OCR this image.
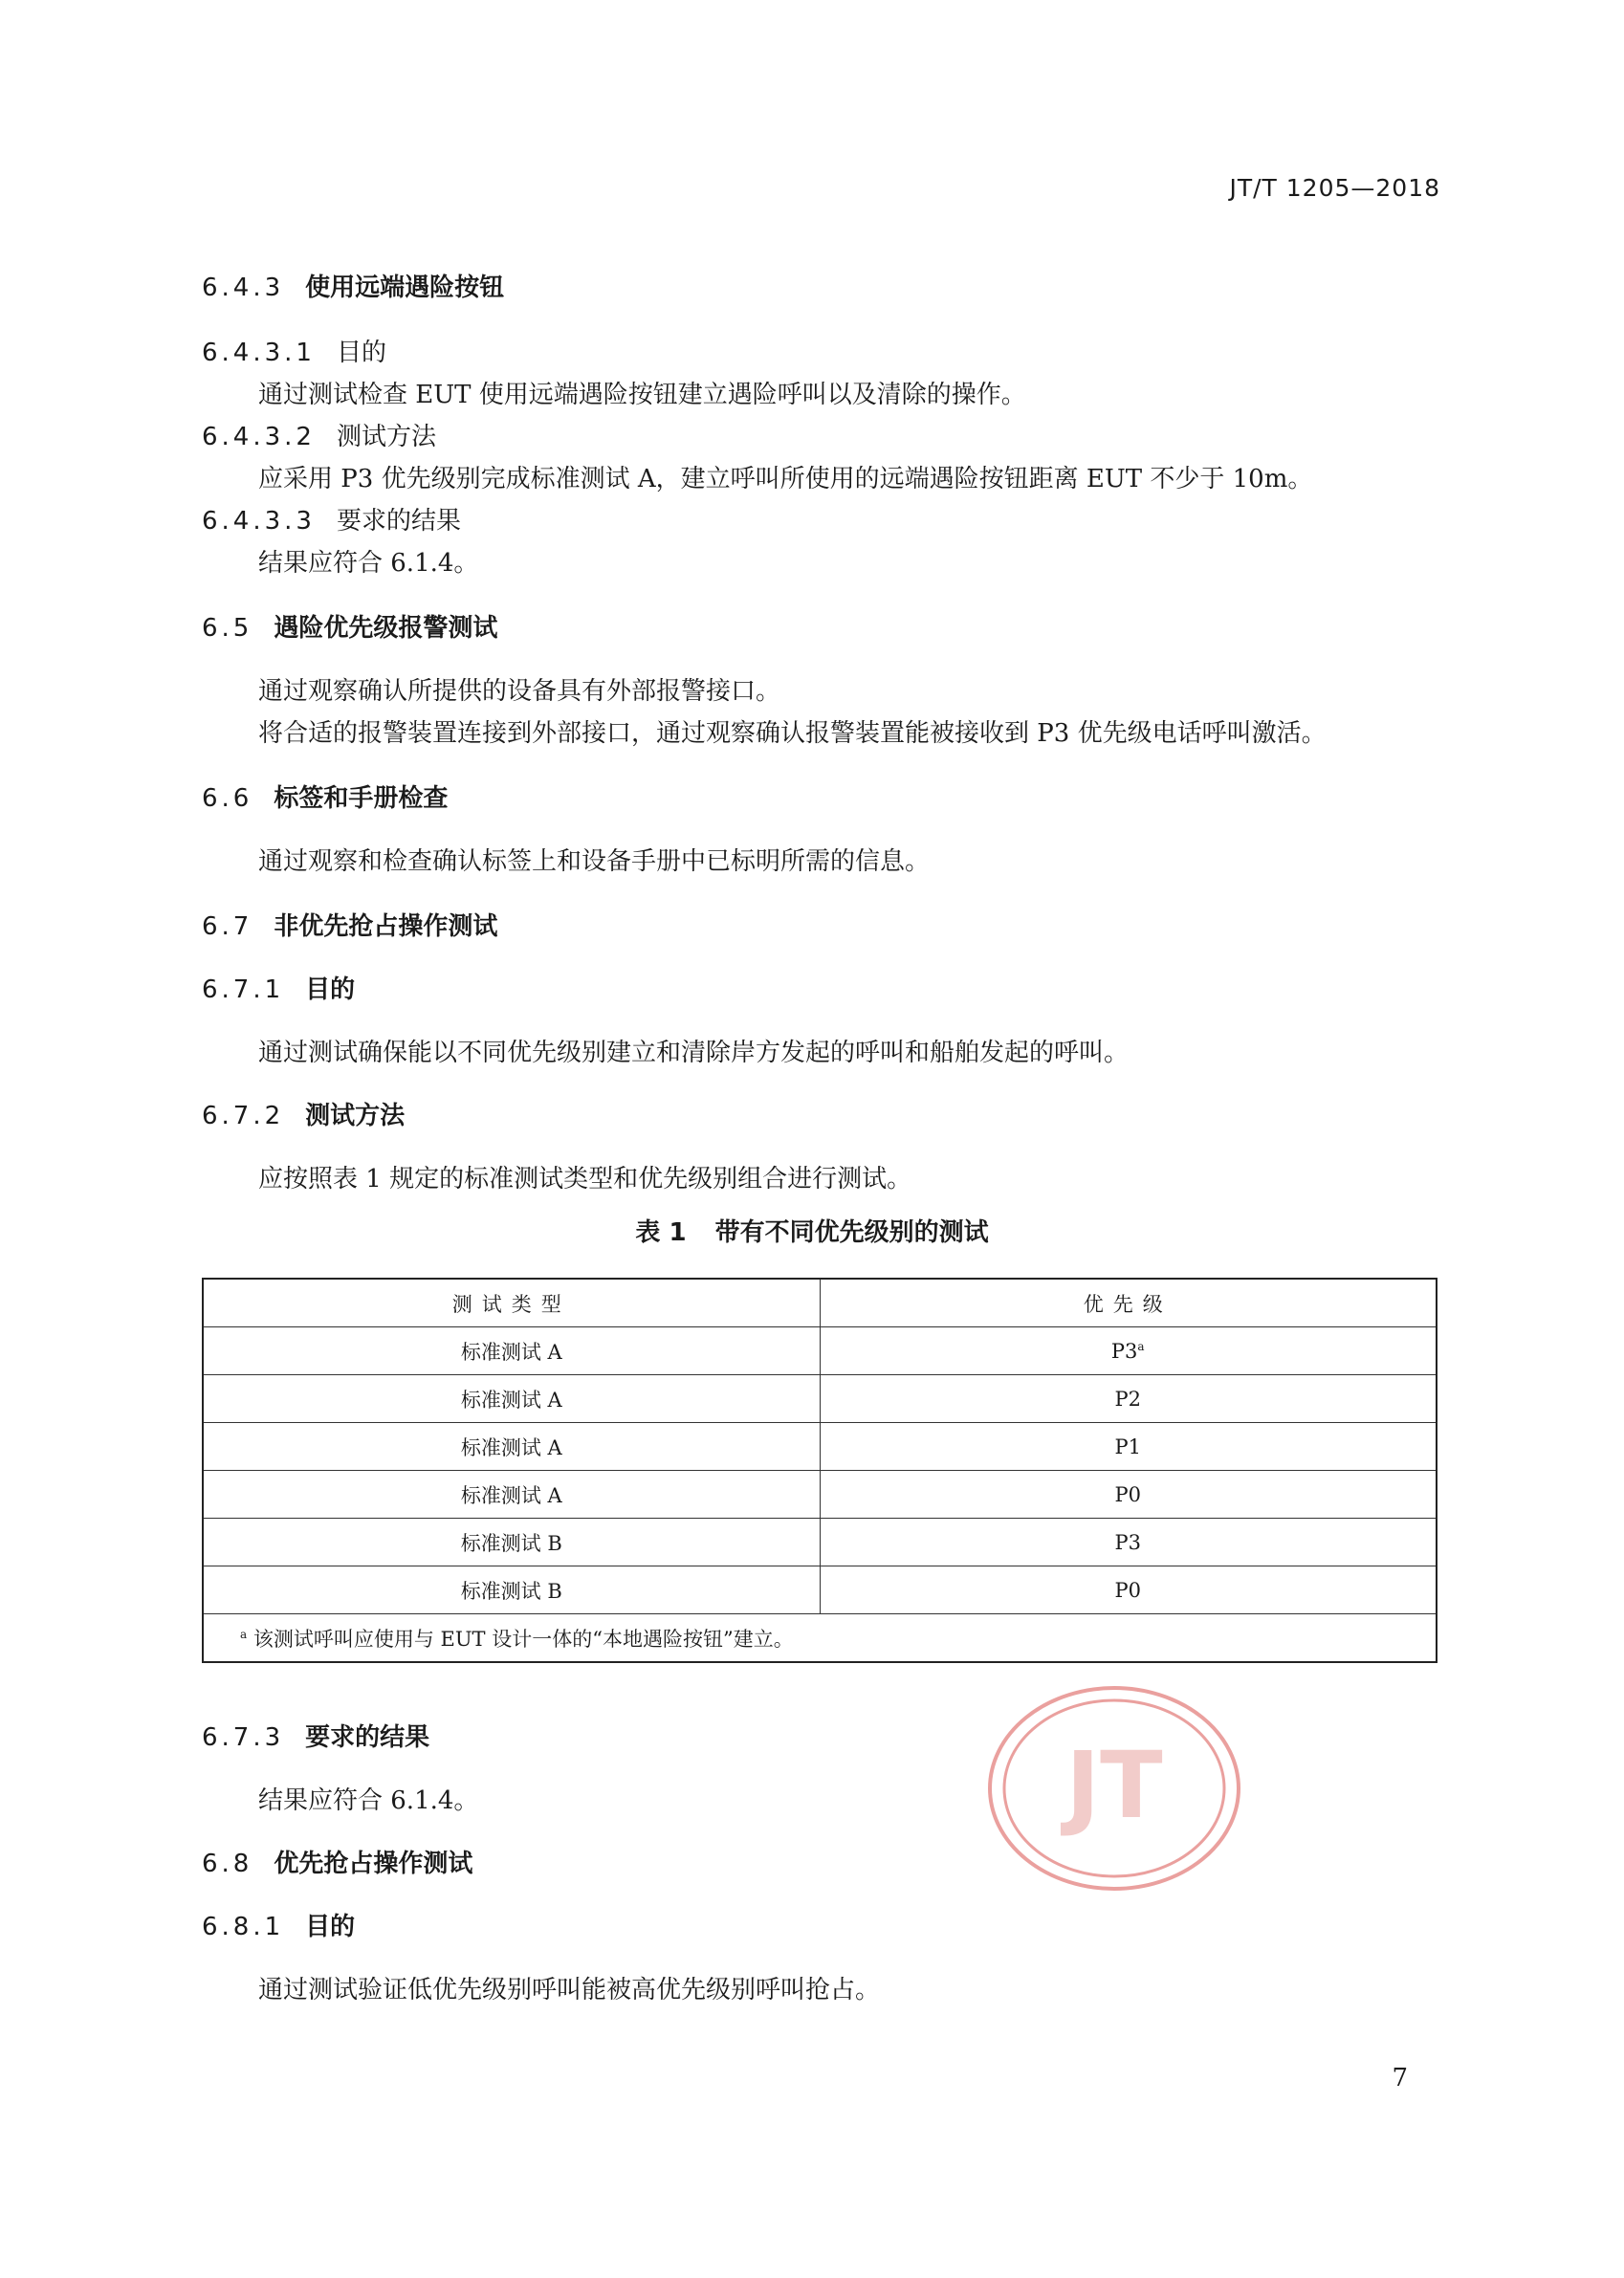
JT/T 1205—2018
6.4.3 使用远端遇险按钮
6.4.3.1 目的
通过测试检查 EUT 使用远端遇险按钮建立遇险呼叫以及清除的操作。
6.4.3.2 测试方法
应采用 P3 优先级别完成标准测试 A，建立呼叫所使用的远端遇险按钮距离 EUT 不少于 10m。
6.4.3.3 要求的结果
结果应符合 6.1.4。
6.5 遇险优先级报警测试
通过观察确认所提供的设备具有外部报警接口。
将合适的报警装置连接到外部接口，通过观察确认报警装置能被接收到 P3 优先级电话呼叫激活。
6.6 标签和手册检查
通过观察和检查确认标签上和设备手册中已标明所需的信息。
6.7 非优先抢占操作测试
6.7.1 目的
通过测试确保能以不同优先级别建立和清除岸方发起的呼叫和船舶发起的呼叫。
6.7.2 测试方法
应按照表 1 规定的标准测试类型和优先级别组合进行测试。
表 1 带有不同优先级别的测试
测试类型	优先级
标准测试 A	P3$^a$
标准测试 A	P2
标准测试 A	P1
标准测试 A	P0
标准测试 B	P3
标准测试 B	P0
$^a$ 该测试呼叫应使用与 EUT 设计一体的“本地遇险按钮”建立。	
JT
6.7.3 要求的结果
结果应符合 6.1.4。
6.8 优先抢占操作测试
6.8.1 目的
通过测试验证低优先级别呼叫能被高优先级别呼叫抢占。
7
